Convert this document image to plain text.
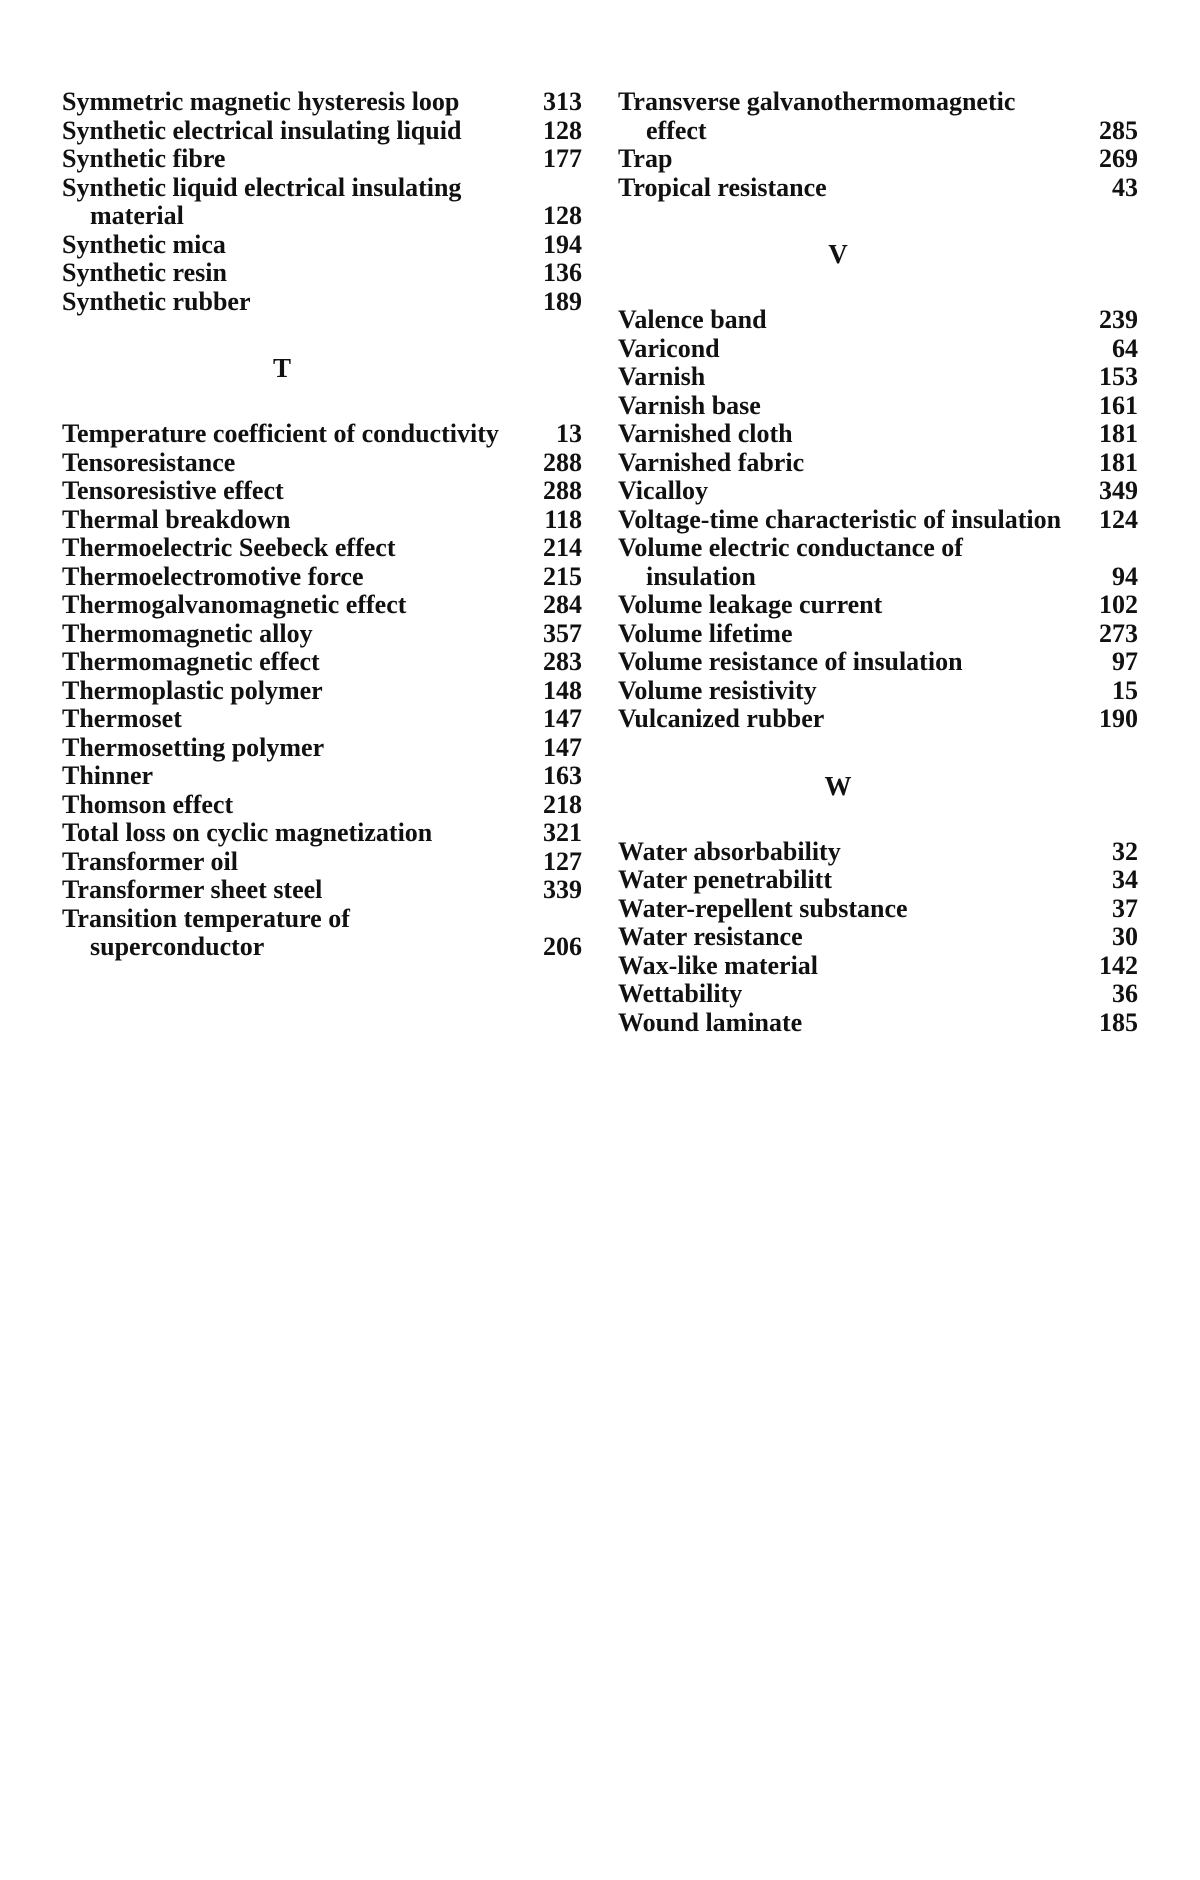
Symmetric magnetic hysteresis loop	313
Synthetic electrical insulating liquid	128
Synthetic fibre	177
Synthetic liquid electrical insulating material	128
Synthetic mica	194
Synthetic resin	136
Synthetic rubber	189
T
Temperature coefficient of conductivity	13
Tensoresistance	288
Tensoresistive effect	288
Thermal breakdown	118
Thermoelectric Seebeck effect	214
Thermoelectromotive force	215
Thermogalvanomagnetic effect	284
Thermomagnetic alloy	357
Thermomagnetic effect	283
Thermoplastic polymer	148
Thermoset	147
Thermosetting polymer	147
Thinner	163
Thomson effect	218
Total loss on cyclic magnetization	321
Transformer oil	127
Transformer sheet steel	339
Transition temperature of superconductor	206
Transverse galvanothermomagnetic effect	285
Trap	269
Tropical resistance	43
V
Valence band	239
Varicond	64
Varnish	153
Varnish base	161
Varnished cloth	181
Varnished fabric	181
Vicalloy	349
Voltage-time characteristic of insulation	124
Volume electric conductance of insulation	94
Volume leakage current	102
Volume lifetime	273
Volume resistance of insulation	97
Volume resistivity	15
Vulcanized rubber	190
W
Water absorbability	32
Water penetrabilitt	34
Water-repellent substance	37
Water resistance	30
Wax-like material	142
Wettability	36
Wound laminate	185
